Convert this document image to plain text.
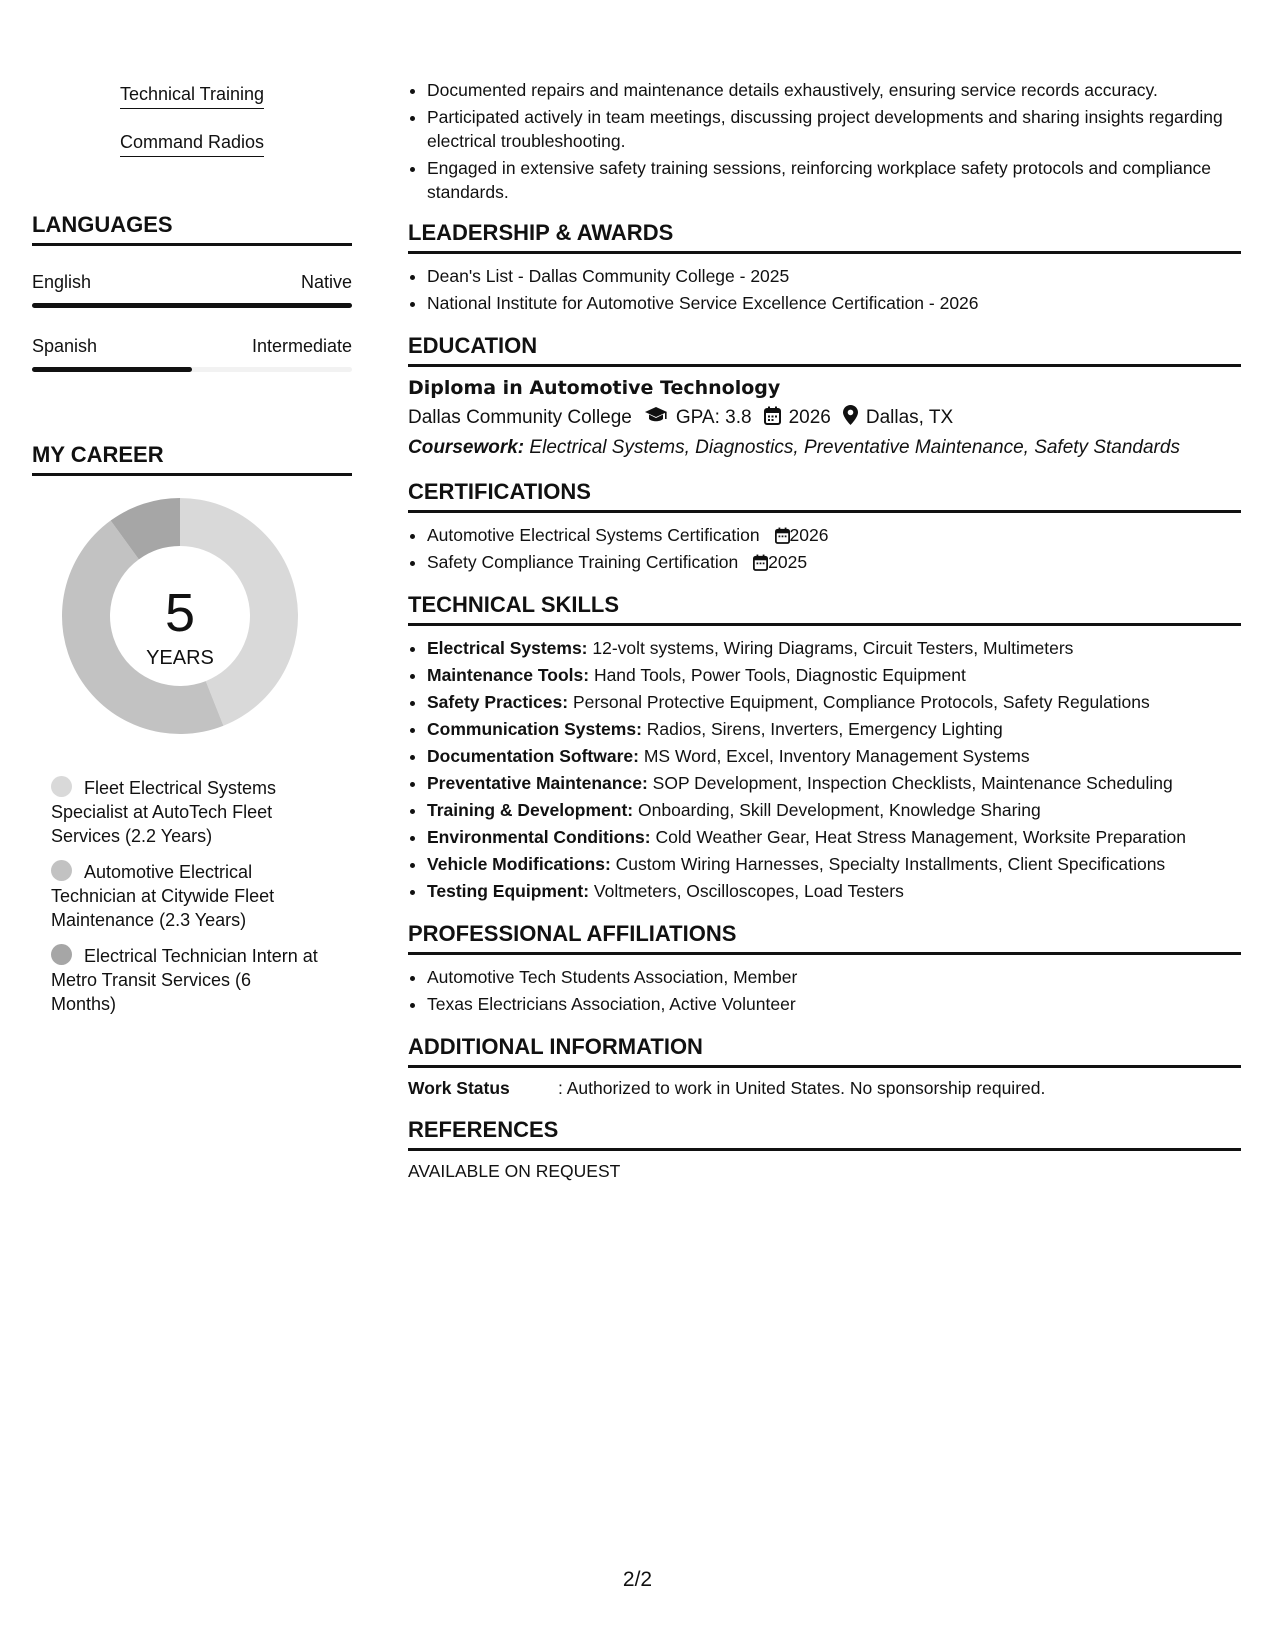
Technical Training
Command Radios
LANGUAGES
English	Native
Spanish	Intermediate
MY CAREER
5
YEARS
Fleet Electrical Systems Specialist at AutoTech Fleet Services (2.2 Years)
Automotive Electrical Technician at Citywide Fleet Maintenance (2.3 Years)
Electrical Technician Intern at Metro Transit Services (6 Months)
• Documented repairs and maintenance details exhaustively, ensuring service records accuracy.
• Participated actively in team meetings, discussing project developments and sharing insights regarding electrical troubleshooting.
• Engaged in extensive safety training sessions, reinforcing workplace safety protocols and compliance standards.
LEADERSHIP & AWARDS
• Dean's List - Dallas Community College - 2025
• National Institute for Automotive Service Excellence Certification - 2026
EDUCATION

Diploma in Automotive Technology

Dallas Community College GPA: 3.8 2026 Dallas, TX

Coursework: Electrical Systems, Diagnostics, Preventative Maintenance, Safety Standards

CERTIFICATIONS
• Automotive Electrical Systems Certification 2026
• Safety Compliance Training Certification 2025
TECHNICAL SKILLS
• Electrical Systems: 12-volt systems, Wiring Diagrams, Circuit Testers, Multimeters
• Maintenance Tools: Hand Tools, Power Tools, Diagnostic Equipment
• Safety Practices: Personal Protective Equipment, Compliance Protocols, Safety Regulations
• Communication Systems: Radios, Sirens, Inverters, Emergency Lighting
• Documentation Software: MS Word, Excel, Inventory Management Systems
• Preventative Maintenance: SOP Development, Inspection Checklists, Maintenance Scheduling
• Training & Development: Onboarding, Skill Development, Knowledge Sharing
• Environmental Conditions: Cold Weather Gear, Heat Stress Management, Worksite Preparation
• Vehicle Modifications: Custom Wiring Harnesses, Specialty Installments, Client Specifications
• Testing Equipment: Voltmeters, Oscilloscopes, Load Testers
PROFESSIONAL AFFILIATIONS
• Automotive Tech Students Association, Member
• Texas Electricians Association, Active Volunteer
ADDITIONAL INFORMATION
Work Status	: Authorized to work in United States. No sponsorship required.
REFERENCES
AVAILABLE ON REQUEST
2/2
